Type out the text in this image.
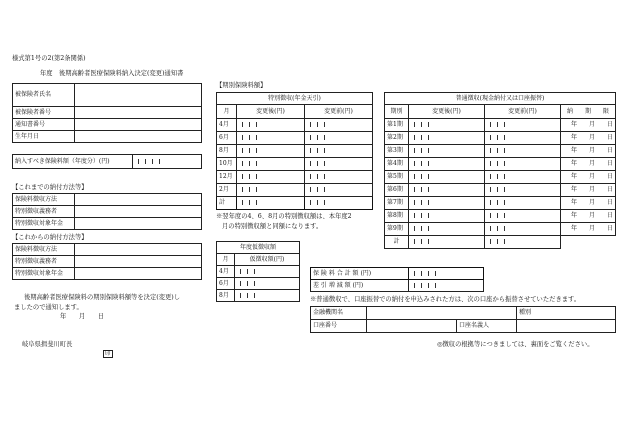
様式第1号の2(第2条関係)
年度　後期高齢者医療保険料納入決定(変更)通知書
被保険者氏名	
被保険者番号	
通知書番号	
生年月日	
納入すべき保険料額（年度分）(円)	
【これまでの納付方法等】
保険料徴収方法	
特別徴収義務者	
特別徴収対象年金	
【これからの納付方法等】
保険料徴収方法	
特別徴収義務者	
特別徴収対象年金	
後期高齢者医療保険料の期別保険料額等を決定(変更)し
ましたので通知します。
年　　月　　日
岐阜県揖斐川町長
印
【期別保険料額】
特別徴収(年金天引)		
月	変更後(円)	変更前(円)
4月		
6月		
8月		
10月		
12月		
2月		
計		
※翌年度の4、6、8月の特別徴収額は、本年度2
月の特別徴収額と同額になります。
年度仮徴収額	
月	仮徴収額(円)
4月	
6月	
8月	
普通徴収(現金納付又は口座振替)			
期別	変更後(円)	変更前(円)	納　　期　　限
第1期			年　　月　　日
第2期			年　　月　　日
第3期			年　　月　　日
第4期			年　　月　　日
第5期			年　　月　　日
第6期			年　　月　　日
第7期			年　　月　　日
第8期			年　　月　　日
第9期			年　　月　　日
計			
保 険 料 合 計 額 (円)	
差 引 増 減 額 (円)	
※普通徴収で、口座振替での納付を申込みされた方は、次の口座から振替させていただきます。
金融機関名			種別
口座番号		口座名義人	
◎徴収の根拠等につきましては、裏面をご覧ください。
